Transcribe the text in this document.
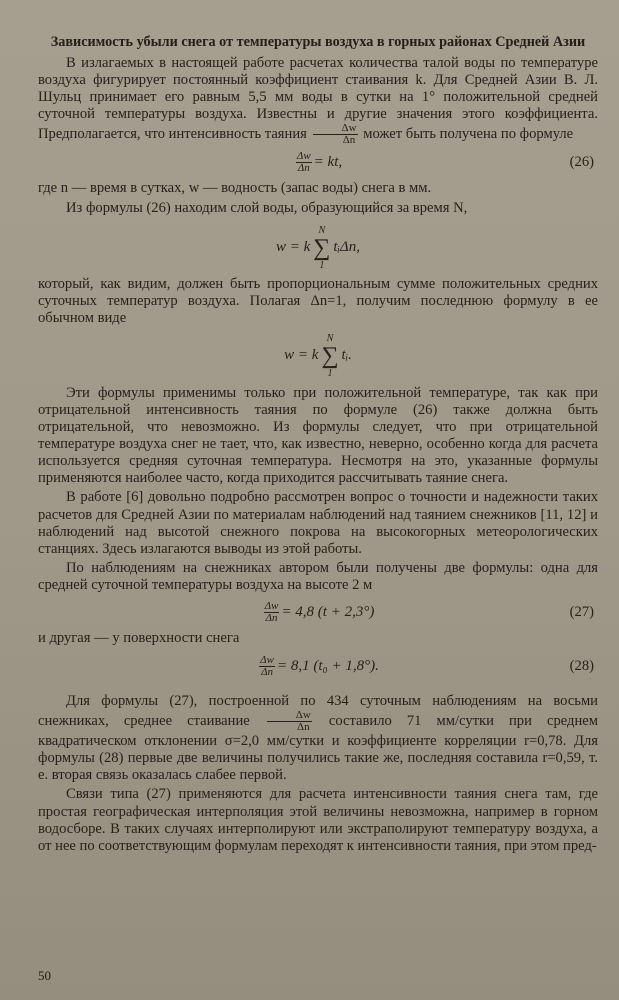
Зависимость убыли снега от температуры воздуха в горных районах Средней Азии

В излагаемых в настоящей работе расчетах количества талой воды по температуре воздуха фигурирует постоянный коэффициент стаивания k. Для Средней Азии В. Л. Шульц принимает его равным 5,5 мм воды в сутки на 1° положительной средней суточной температуры воздуха. Известны и другие значения этого коэффициента. Предполагается, что интенсивность таяния $\frac{\Delta w}{\Delta n}$ может быть получена по формуле

$\frac{\Delta w}{\Delta n}$ = kt,	(26)

где n — время в сутках, w — водность (запас воды) снега в мм.

Из формулы (26) находим слой воды, образующийся за время N,

w = k
N
∑
1
tᵢΔn,

который, как видим, должен быть пропорциональным сумме положительных средних суточных температур воздуха. Полагая Δn=1, получим последнюю формулу в ее обычном виде

w = k
N
∑
1
tᵢ.

Эти формулы применимы только при положительной температуре, так как при отрицательной интенсивность таяния по формуле (26) также должна быть отрицательной, что невозможно. Из формулы следует, что при отрицательной температуре воздуха снег не тает, что, как известно, неверно, особенно когда для расчета используется средняя суточная температура. Несмотря на это, указанные формулы применяются наиболее часто, когда приходится рассчитывать таяние снега.

В работе [6] довольно подробно рассмотрен вопрос о точности и надежности таких расчетов для Средней Азии по материалам наблюдений над таянием снежников [11, 12] и наблюдений над высотой снежного покрова на высокогорных метеорологических станциях. Здесь излагаются выводы из этой работы.

По наблюдениям на снежниках автором были получены две формулы: одна для средней суточной температуры воздуха на высоте 2 м

$\frac{\Delta w}{\Delta n} = 4,8$ (t + 2,3°)	(27)

и другая — у поверхности снега

$\frac{\Delta w}{\Delta n} = 8,1$ (t₀ + 1,8°).	(28)

Для формулы (27), построенной по 434 суточным наблюдениям на восьми снежниках, среднее стаивание $\frac{\Delta w}{\Delta n}$ составило 71 мм/сутки при среднем квадратическом отклонении σ=2,0 мм/сутки и коэффициенте корреляции r=0,78. Для формулы (28) первые две величины получились такие же, последняя составила r=0,59, т. е. вторая связь оказалась слабее первой.

Связи типа (27) применяются для расчета интенсивности таяния снега там, где простая географическая интерполяция этой величины невозможна, например в горном водосборе. В таких случаях интерполируют или экстраполируют температуру воздуха, а от нее по соответствующим формулам переходят к интенсивности таяния, при этом пред-

50
